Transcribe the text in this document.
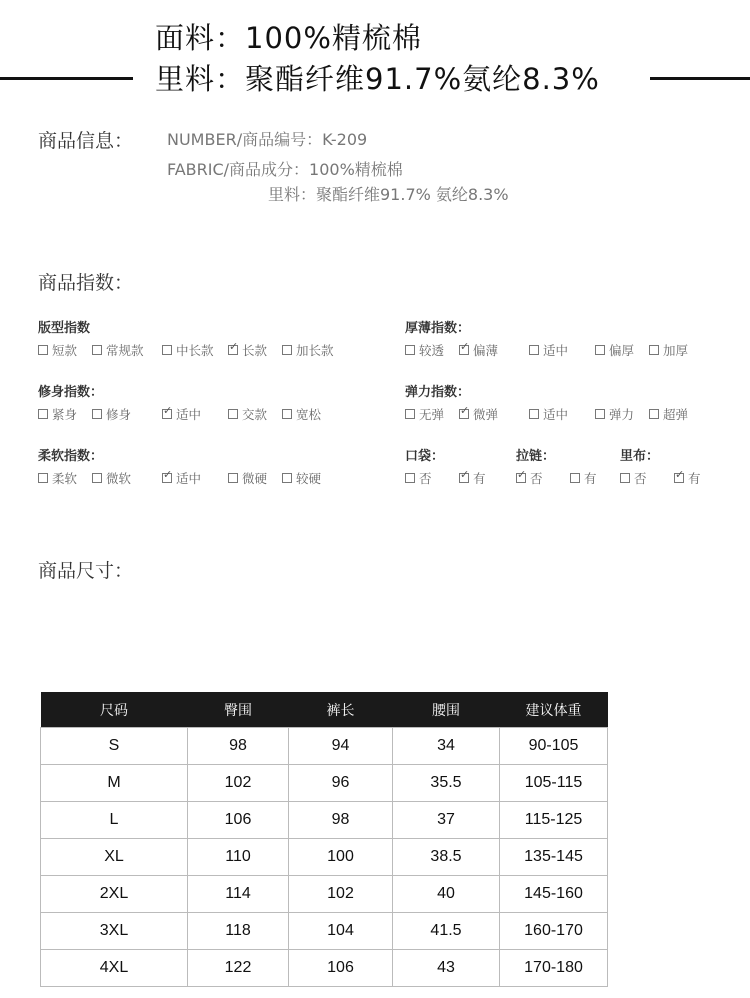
面料：100%精梳棉
里料：聚酯纤维91.7%氨纶8.3%
商品信息： NUMBER/商品编号：K-209
FABRIC/商品成分：100%精梳棉
里料：聚酯纤维91.7% 氨纶8.3%
商品指数：
版型指数
短款 常规款	中长款 ✓ 长款 加长款
厚薄指数：
较透 ✓ 偏薄	适中	偏厚 加厚
修身指数：
紧身 修身 ✓	适中	交款 宽松
弹力指数：
无弹 ✓ 微弹	适中	弹力 超弹
柔软指数：
柔软 微软 ✓	适中	微硬 较硬
口袋：
否 ✓	有
拉链：
✓
否	有
里布：
否 ✓	有
商品尺寸：
尺码	臀围	裤长	腰围	建议体重
S	98	94	34	90-105
M	102	96	35.5	105-115
L	106	98	37	115-125
XL	110	100	38.5	135-145
2XL	114	102	40	145-160
3XL	118	104	41.5	160-170
4XL	122	106	43	170-180
